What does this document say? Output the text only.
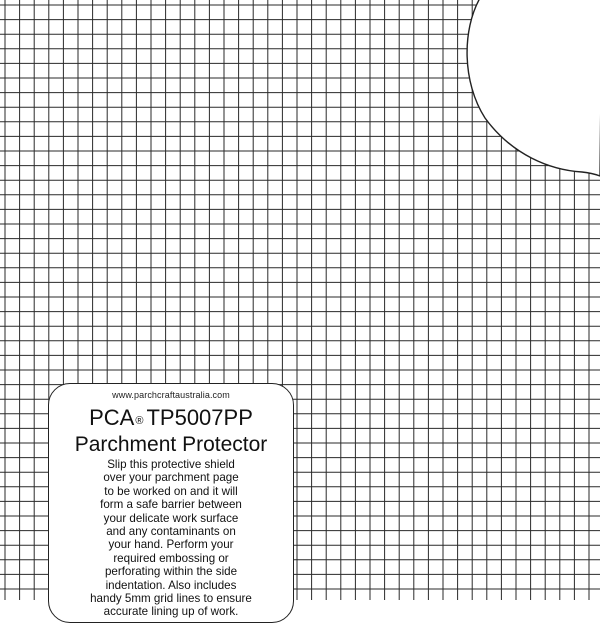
www.parchcraftaustralia.com
PCA® TP5007PP
Parchment Protector
Slip this protective shield
over your parchment page
to be worked on and it will
form a safe barrier between
your delicate work surface
and any contaminants on
your hand. Perform your
required embossing or
perforating within the side
indentation. Also includes
handy 5mm grid lines to ensure
accurate lining up of work.
